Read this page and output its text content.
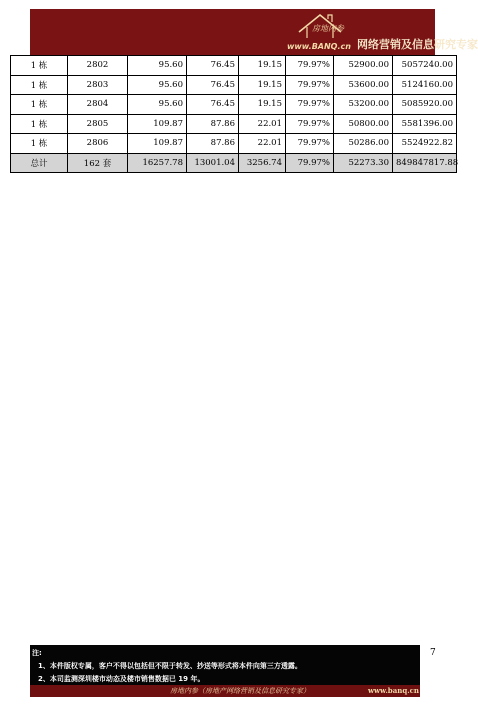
房地内参
www.BANQ.cn 网络营销及信息研究专家
1 栋	2802	95.60	76.45	19.15	79.97%	52900.00	5057240.00
1 栋	2803	95.60	76.45	19.15	79.97%	53600.00	5124160.00
1 栋	2804	95.60	76.45	19.15	79.97%	53200.00	5085920.00
1 栋	2805	109.87	87.86	22.01	79.97%	50800.00	5581396.00
1 栋	2806	109.87	87.86	22.01	79.97%	50286.00	5524922.82
总计	162 套	16257.78	13001.04	3256.74	79.97%	52273.30	849847817.88
7
注:
1、本件版权专属，客户不得以包括但不限于转发、抄送等形式将本件向第三方透露。
2、本司监测深圳楼市动态及楼市销售数据已 19 年。
房地内参（房地产网络营销及信息研究专家）	www.banq.cn
